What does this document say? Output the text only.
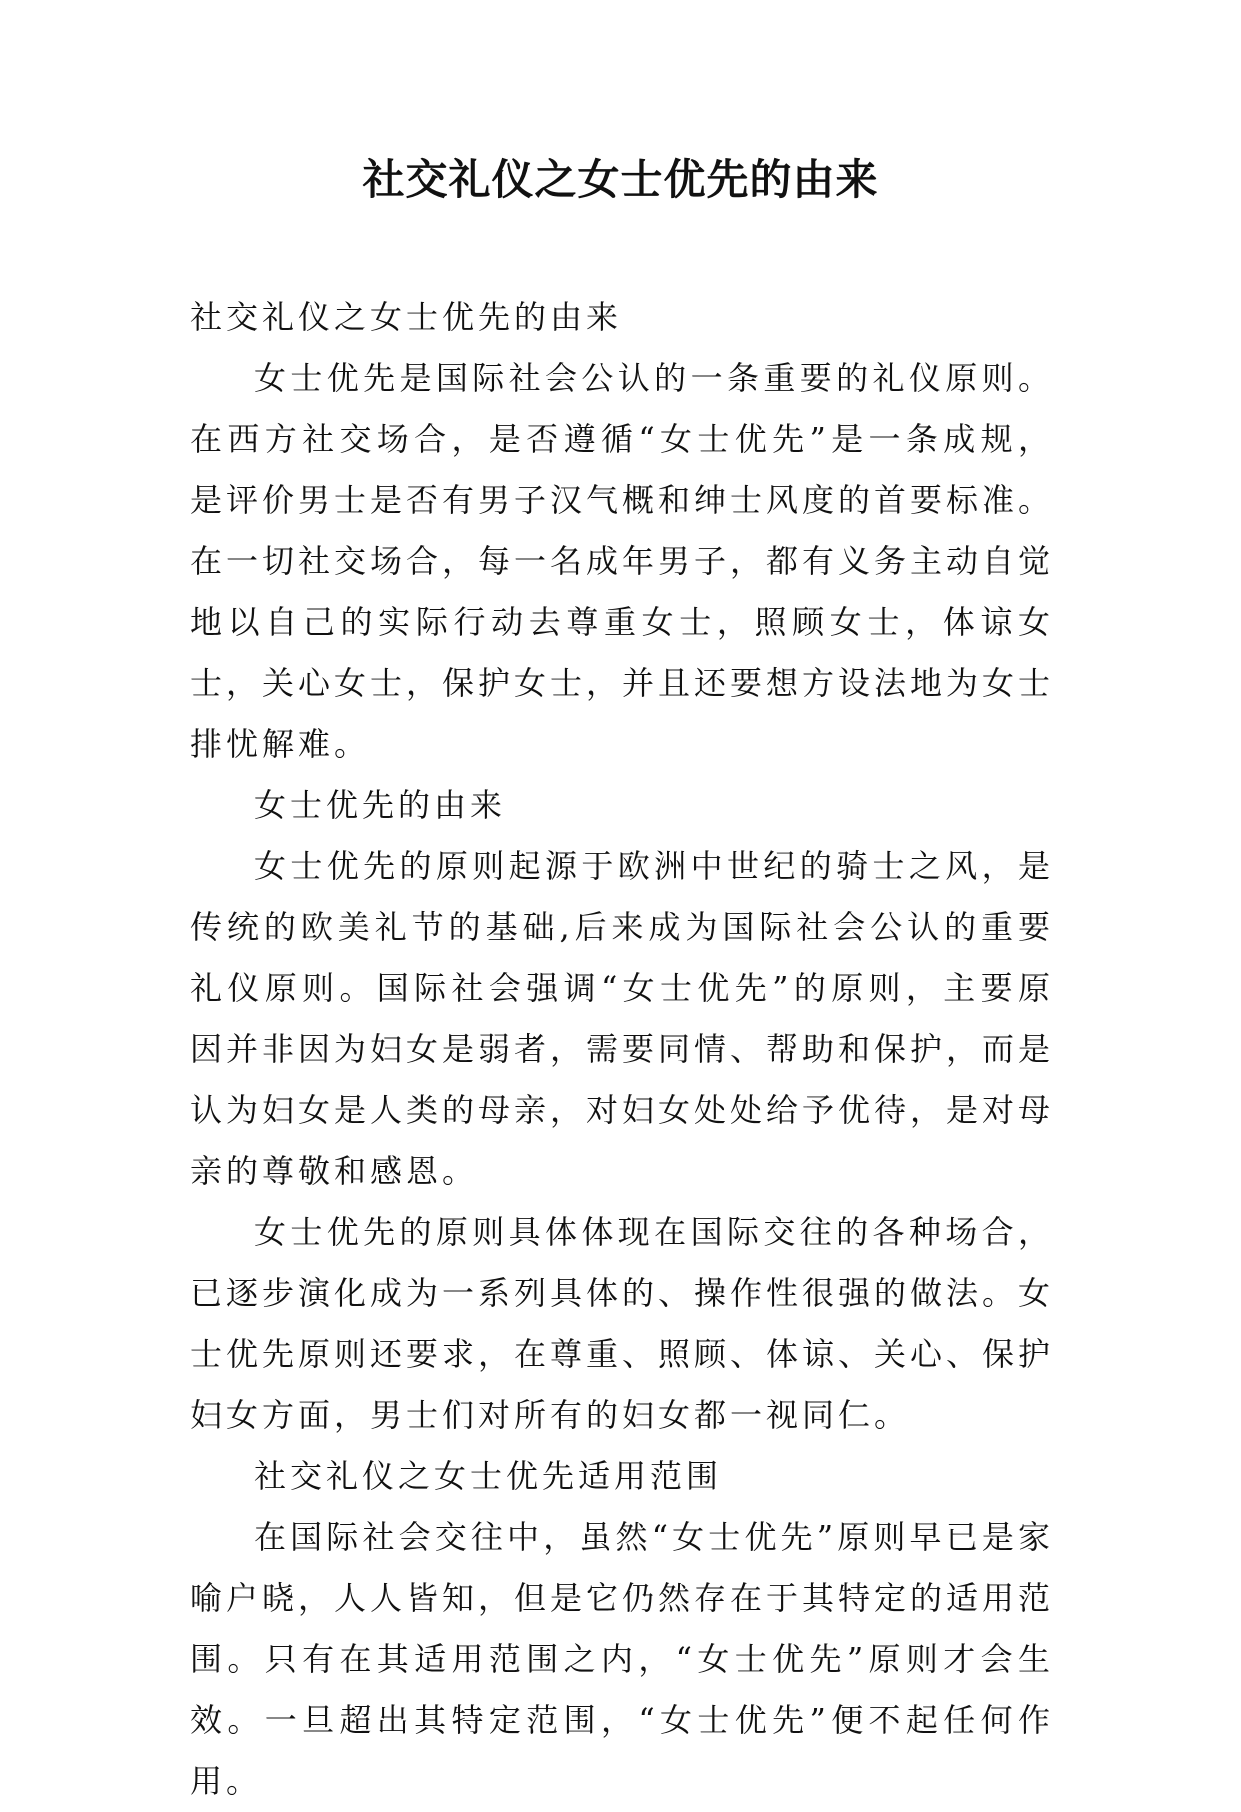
社交礼仪之女士优先的由来

社交礼仪之女士优先的由来

女士优先是国际社会公认的一条重要的礼仪原则。在西方社交场合，是否遵循“女士优先”是一条成规，是评价男士是否有男子汉气概和绅士风度的首要标准。在一切社交场合，每一名成年男子，都有义务主动自觉地以自己的实际行动去尊重女士，照顾女士，体谅女士，关心女士，保护女士，并且还要想方设法地为女士排忧解难。

女士优先的由来

女士优先的原则起源于欧洲中世纪的骑士之风，是传统的欧美礼节的基础,后来成为国际社会公认的重要礼仪原则。国际社会强调“女士优先”的原则，主要原因并非因为妇女是弱者，需要同情、帮助和保护，而是认为妇女是人类的母亲，对妇女处处给予优待，是对母亲的尊敬和感恩。

女士优先的原则具体体现在国际交往的各种场合，已逐步演化成为一系列具体的、操作性很强的做法。女士优先原则还要求，在尊重、照顾、体谅、关心、保护妇女方面，男士们对所有的妇女都一视同仁。

社交礼仪之女士优先适用范围

在国际社会交往中，虽然“女士优先”原则早已是家喻户晓，人人皆知，但是它仍然存在于其特定的适用范围。只有在其适用范围之内，“女士优先”原则才会生效。一旦超出其特定范围，“女士优先”便不起任何作用。
